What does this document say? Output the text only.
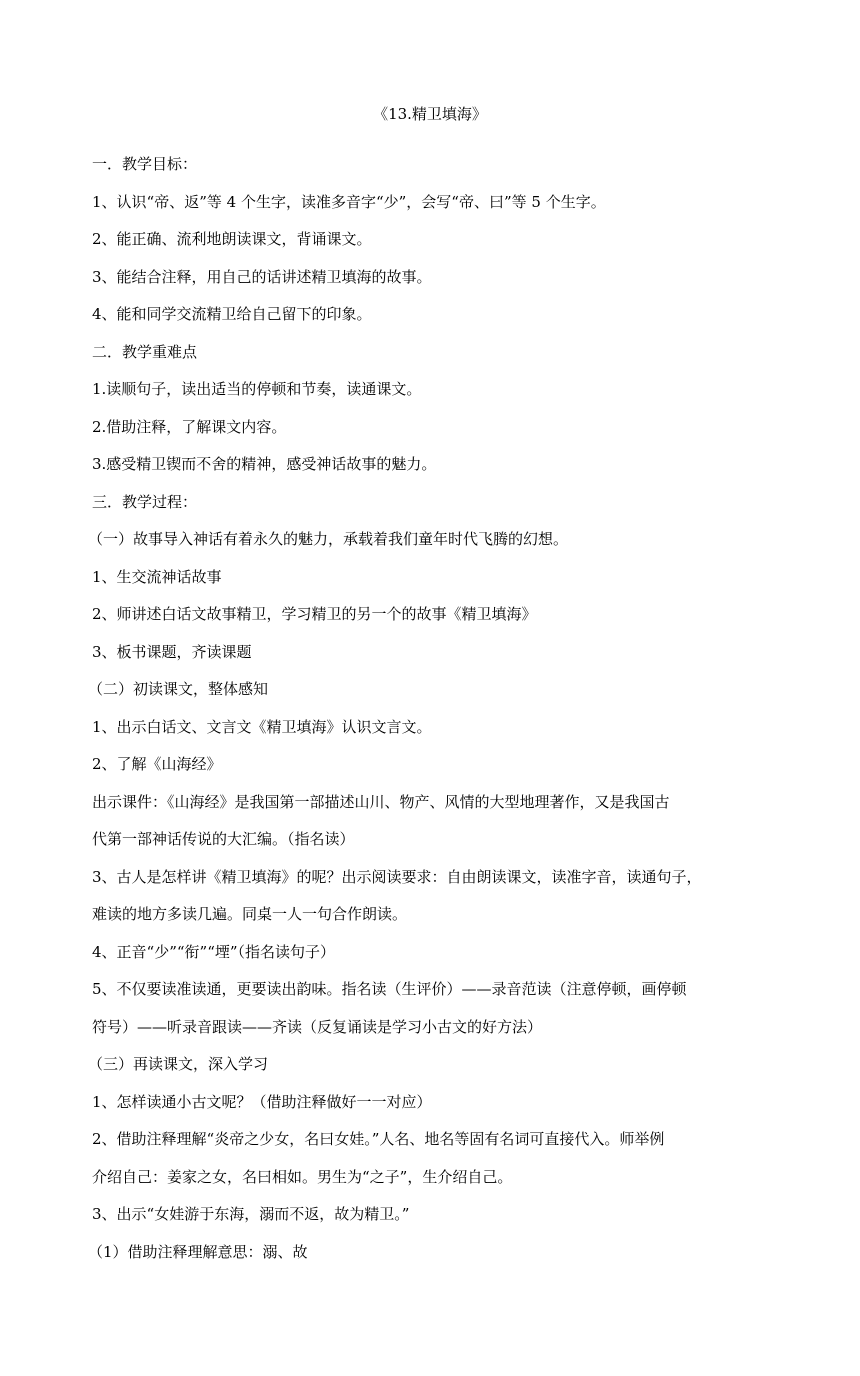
《13.精卫填海》
一．教学目标：
1、认识“帝、返”等 4 个生字，读准多音字“少”，会写“帝、曰”等 5 个生字。
2、能正确、流利地朗读课文，背诵课文。
3、能结合注释，用自己的话讲述精卫填海的故事。
4、能和同学交流精卫给自己留下的印象。
二．教学重难点
1.读顺句子，读出适当的停顿和节奏，读通课文。
2.借助注释，了解课文内容。
3.感受精卫锲而不舍的精神，感受神话故事的魅力。
三．教学过程：
（一）故事导入神话有着永久的魅力，承载着我们童年时代飞腾的幻想。
1、生交流神话故事
2、师讲述白话文故事精卫，学习精卫的另一个的故事《精卫填海》
3、板书课题，齐读课题
（二）初读课文，整体感知
1、出示白话文、文言文《精卫填海》认识文言文。
2、了解《山海经》
出示课件：《山海经》是我国第一部描述山川、物产、风情的大型地理著作，又是我国古
代第一部神话传说的大汇编。（指名读）
3、古人是怎样讲《精卫填海》的呢？出示阅读要求：自由朗读课文，读准字音，读通句子，
难读的地方多读几遍。同桌一人一句合作朗读。
4、正音“少”“衔”“堙”（指名读句子）
5、不仅要读准读通，更要读出韵味。指名读（生评价）——录音范读（注意停顿，画停顿
符号）——听录音跟读——齐读（反复诵读是学习小古文的好方法）
（三）再读课文，深入学习
1、怎样读通小古文呢？（借助注释做好一一对应）
2、借助注释理解“炎帝之少女，名曰女娃。”人名、地名等固有名词可直接代入。师举例
介绍自己：姜家之女，名曰相如。男生为“之子”，生介绍自己。
3、出示“女娃游于东海，溺而不返，故为精卫。”
（1）借助注释理解意思：溺、故
